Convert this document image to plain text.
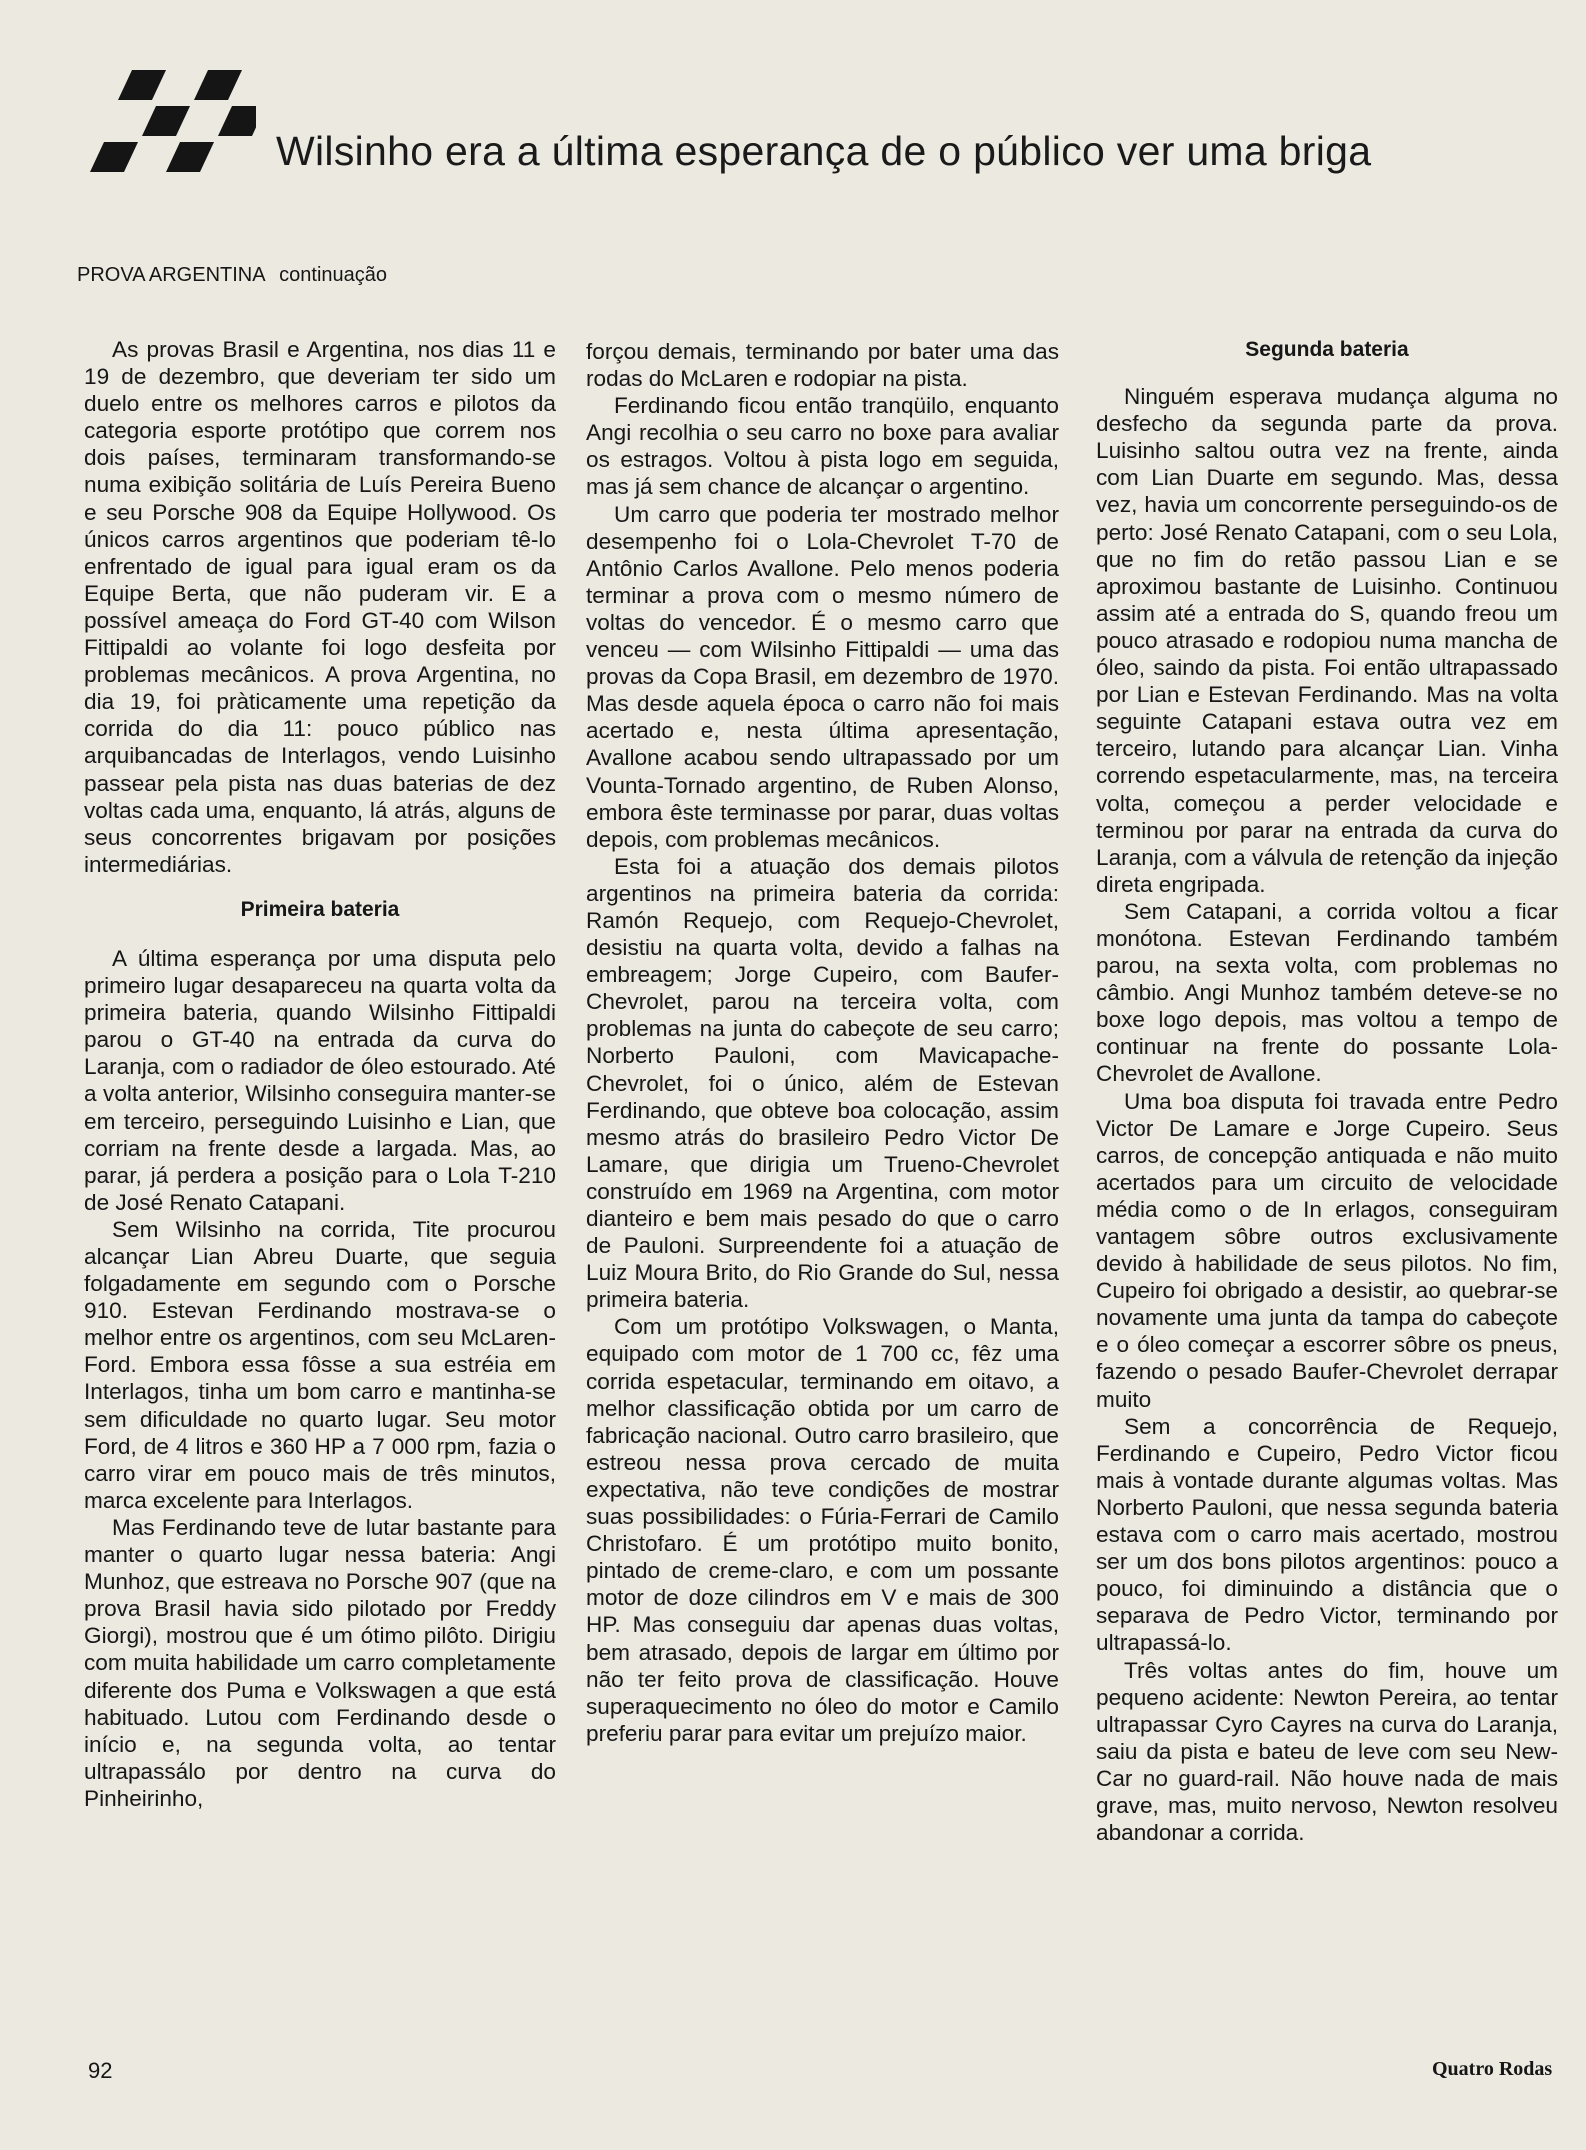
Wilsinho era a última esperança de o público ver uma briga
PROVA ARGENTINA continuação

As provas Brasil e Argentina, nos dias 11 e 19 de dezembro, que deveriam ter sido um duelo entre os melhores carros e pilotos da categoria esporte protótipo que correm nos dois países, terminaram transformando-se numa exibição solitária de Luís Pereira Bueno e seu Porsche 908 da Equipe Hollywood. Os únicos carros argentinos que poderiam tê-lo enfrentado de igual para igual eram os da Equipe Berta, que não puderam vir. E a possível ameaça do Ford GT-40 com Wilson Fittipaldi ao volante foi logo desfeita por problemas mecânicos. A prova Argentina, no dia 19, foi pràticamente uma repetição da corrida do dia 11: pouco público nas arquibancadas de Interlagos, vendo Luisinho passear pela pista nas duas baterias de dez voltas cada uma, enquanto, lá atrás, alguns de seus concorrentes brigavam por posições intermediárias.

Primeira bateria

A última esperança por uma disputa pelo primeiro lugar desapareceu na quarta volta da primeira bateria, quando Wilsinho Fittipaldi parou o GT-40 na entrada da curva do Laranja, com o radiador de óleo estourado. Até a volta anterior, Wilsinho conseguira manter-se em terceiro, perseguindo Luisinho e Lian, que corriam na frente desde a largada. Mas, ao parar, já perdera a posição para o Lola T-210 de José Renato Catapani.

Sem Wilsinho na corrida, Tite procurou alcançar Lian Abreu Duarte, que seguia folgadamente em segundo com o Porsche 910. Estevan Ferdinando mostrava-se o melhor entre os argentinos, com seu McLaren-Ford. Embora essa fôsse a sua estréia em Interlagos, tinha um bom carro e mantinha-se sem dificuldade no quarto lugar. Seu motor Ford, de 4 litros e 360 HP a 7 000 rpm, fazia o carro virar em pouco mais de três minutos, marca excelente para Interlagos.

Mas Ferdinando teve de lutar bastante para manter o quarto lugar nessa bateria: Angi Munhoz, que estreava no Porsche 907 (que na prova Brasil havia sido pilotado por Freddy Giorgi), mostrou que é um ótimo pilôto. Dirigiu com muita habilidade um carro completamente diferente dos Puma e Volkswagen a que está habituado. Lutou com Ferdinando desde o início e, na segunda volta, ao tentar ultrapassálo por dentro na curva do Pinheirinho,

forçou demais, terminando por bater uma das rodas do McLaren e rodopiar na pista.

Ferdinando ficou então tranqüilo, enquanto Angi recolhia o seu carro no boxe para avaliar os estragos. Voltou à pista logo em seguida, mas já sem chance de alcançar o argentino.

Um carro que poderia ter mostrado melhor desempenho foi o Lola-Chevrolet T-70 de Antônio Carlos Avallone. Pelo menos poderia terminar a prova com o mesmo número de voltas do vencedor. É o mesmo carro que venceu — com Wilsinho Fittipaldi — uma das provas da Copa Brasil, em dezembro de 1970. Mas desde aquela época o carro não foi mais acertado e, nesta última apresentação, Avallone acabou sendo ultrapassado por um Vounta-Tornado argentino, de Ruben Alonso, embora êste terminasse por parar, duas voltas depois, com problemas mecânicos.

Esta foi a atuação dos demais pilotos argentinos na primeira bateria da corrida: Ramón Requejo, com Requejo-Chevrolet, desistiu na quarta volta, devido a falhas na embreagem; Jorge Cupeiro, com Baufer-Chevrolet, parou na terceira volta, com problemas na junta do cabeçote de seu carro; Norberto Pauloni, com Mavicapache-Chevrolet, foi o único, além de Estevan Ferdinando, que obteve boa colocação, assim mesmo atrás do brasileiro Pedro Victor De Lamare, que dirigia um Trueno-Chevrolet construído em 1969 na Argentina, com motor dianteiro e bem mais pesado do que o carro de Pauloni. Surpreendente foi a atuação de Luiz Moura Brito, do Rio Grande do Sul, nessa primeira bateria.

Com um protótipo Volkswagen, o Manta, equipado com motor de 1 700 cc, fêz uma corrida espetacular, terminando em oitavo, a melhor classificação obtida por um carro de fabricação nacional. Outro carro brasileiro, que estreou nessa prova cercado de muita expectativa, não teve condições de mostrar suas possibilidades: o Fúria-Ferrari de Camilo Christofaro. É um protótipo muito bonito, pintado de creme-claro, e com um possante motor de doze cilindros em V e mais de 300 HP. Mas conseguiu dar apenas duas voltas, bem atrasado, depois de largar em último por não ter feito prova de classificação. Houve superaquecimento no óleo do motor e Camilo preferiu parar para evitar um prejuízo maior.

Segunda bateria

Ninguém esperava mudança alguma no desfecho da segunda parte da prova. Luisinho saltou outra vez na frente, ainda com Lian Duarte em segundo. Mas, dessa vez, havia um concorrente perseguindo-os de perto: José Renato Catapani, com o seu Lola, que no fim do retão passou Lian e se aproximou bastante de Luisinho. Continuou assim até a entrada do S, quando freou um pouco atrasado e rodopiou numa mancha de óleo, saindo da pista. Foi então ultrapassado por Lian e Estevan Ferdinando. Mas na volta seguinte Catapani estava outra vez em terceiro, lutando para alcançar Lian. Vinha correndo espetacularmente, mas, na terceira volta, começou a perder velocidade e terminou por parar na entrada da curva do Laranja, com a válvula de retenção da injeção direta engripada.

Sem Catapani, a corrida voltou a ficar monótona. Estevan Ferdinando também parou, na sexta volta, com problemas no câmbio. Angi Munhoz também deteve-se no boxe logo depois, mas voltou a tempo de continuar na frente do possante Lola-Chevrolet de Avallone.

Uma boa disputa foi travada entre Pedro Victor De Lamare e Jorge Cupeiro. Seus carros, de concepção antiquada e não muito acertados para um circuito de velocidade média como o de In erlagos, conseguiram vantagem sôbre outros exclusivamente devido à habilidade de seus pilotos. No fim, Cupeiro foi obrigado a desistir, ao quebrar-se novamente uma junta da tampa do cabeçote e o óleo começar a escorrer sôbre os pneus, fazendo o pesado Baufer-Chevrolet derrapar muito

Sem a concorrência de Requejo, Ferdinando e Cupeiro, Pedro Victor ficou mais à vontade durante algumas voltas. Mas Norberto Pauloni, que nessa segunda bateria estava com o carro mais acertado, mostrou ser um dos bons pilotos argentinos: pouco a pouco, foi diminuindo a distância que o separava de Pedro Victor, terminando por ultrapassá-lo.

Três voltas antes do fim, houve um pequeno acidente: Newton Pereira, ao tentar ultrapassar Cyro Cayres na curva do Laranja, saiu da pista e bateu de leve com seu New-Car no guard-rail. Não houve nada de mais grave, mas, muito nervoso, Newton resolveu abandonar a corrida.

92	Quatro Rodas
